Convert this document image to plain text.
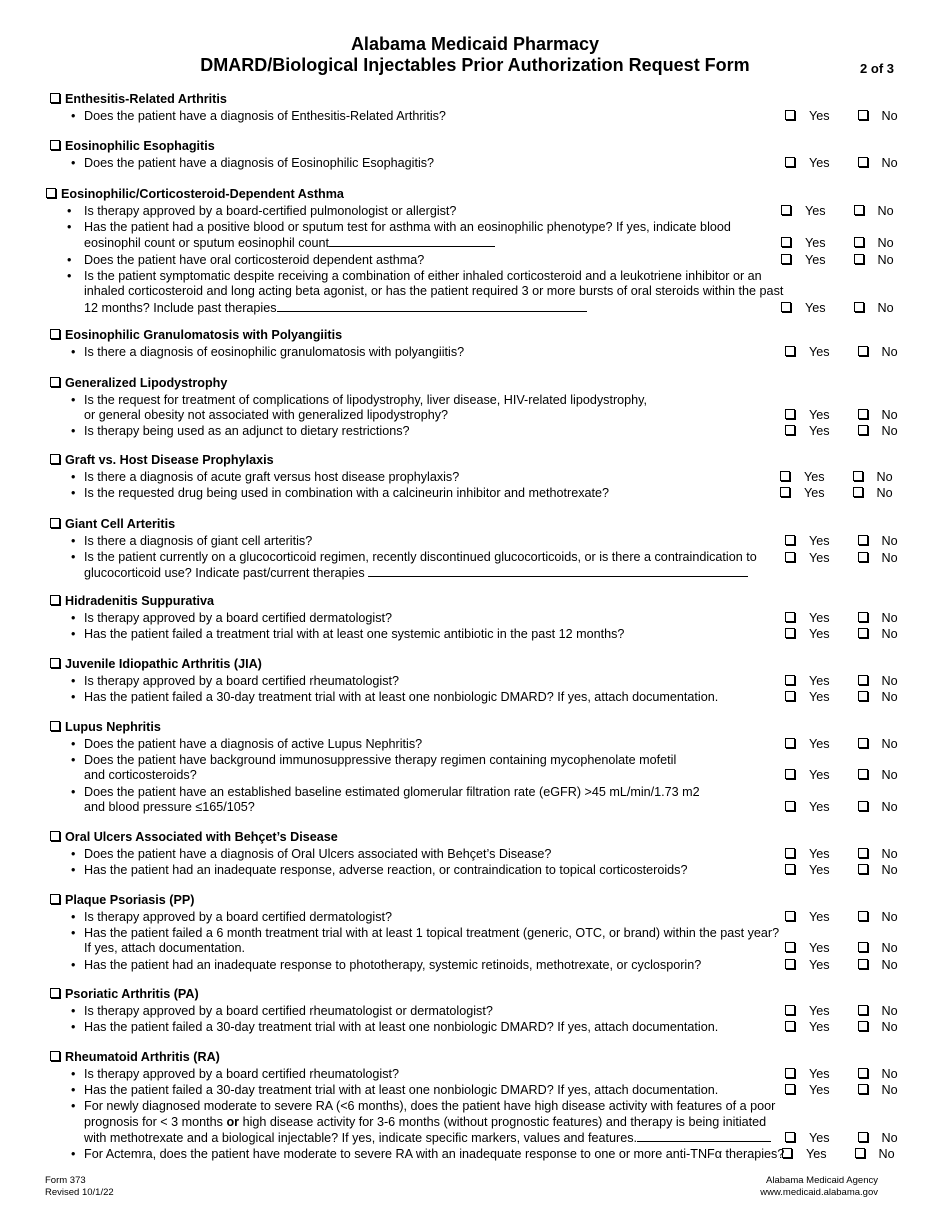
Alabama Medicaid Pharmacy
DMARD/Biological Injectables Prior Authorization Request Form	2 of 3
Enthesitis-Related Arthritis
• Does the patient have a diagnosis of Enthesitis-Related Arthritis?	Yes	No
Eosinophilic Esophagitis
• Does the patient have a diagnosis of Eosinophilic Esophagitis?	Yes	No
Eosinophilic/Corticosteroid-Dependent Asthma
• Is therapy approved by a board-certified pulmonologist or allergist?	Yes	No
• Has the patient had a positive blood or sputum test for asthma with an eosinophilic phenotype? If yes, indicate blood eosinophil count or sputum eosinophil count	Yes	No
• Does the patient have oral corticosteroid dependent asthma?	Yes	No
• Is the patient symptomatic despite receiving a combination of either inhaled corticosteroid and a leukotriene inhibitor or an inhaled corticosteroid and long acting beta agonist, or has the patient required 3 or more bursts of oral steroids within the past 12 months? Include past therapies	Yes	No
Eosinophilic Granulomatosis with Polyangiitis
• Is there a diagnosis of eosinophilic granulomatosis with polyangiitis?	Yes	No
Generalized Lipodystrophy
• Is the request for treatment of complications of lipodystrophy, liver disease, HIV-related lipodystrophy, or general obesity not associated with generalized lipodystrophy?	Yes	No
• Is therapy being used as an adjunct to dietary restrictions?	Yes	No
Graft vs. Host Disease Prophylaxis
• Is there a diagnosis of acute graft versus host disease prophylaxis?	Yes	No
• Is the requested drug being used in combination with a calcineurin inhibitor and methotrexate?	Yes	No
Giant Cell Arteritis
• Is there a diagnosis of giant cell arteritis?	Yes	No
• Is the patient currently on a glucocorticoid regimen, recently discontinued glucocorticoids, or is there a contraindication to glucocorticoid use? Indicate past/current therapies
Yes	No
Hidradenitis Suppurativa
• Is therapy approved by a board certified dermatologist?	Yes	No
• Has the patient failed a treatment trial with at least one systemic antibiotic in the past 12 months?	Yes	No
Juvenile Idiopathic Arthritis (JIA)
• Is therapy approved by a board certified rheumatologist?	Yes	No
• Has the patient failed a 30-day treatment trial with at least one nonbiologic DMARD? If yes, attach documentation.	Yes	No
Lupus Nephritis
• Does the patient have a diagnosis of active Lupus Nephritis?	Yes	No
• Does the patient have background immunosuppressive therapy regimen containing mycophenolate mofetil and corticosteroids?	Yes	No
• Does the patient have an established baseline estimated glomerular filtration rate (eGFR) >45 mL/min/1.73 m2 and blood pressure ≤165/105?	Yes	No
Oral Ulcers Associated with Behçet’s Disease
• Does the patient have a diagnosis of Oral Ulcers associated with Behçet’s Disease?	Yes	No
• Has the patient had an inadequate response, adverse reaction, or contraindication to topical corticosteroids?	Yes	No
Plaque Psoriasis (PP)
• Is therapy approved by a board certified dermatologist?	Yes	No
• Has the patient failed a 6 month treatment trial with at least 1 topical treatment (generic, OTC, or brand) within the past year? If yes, attach documentation.	Yes	No
• Has the patient had an inadequate response to phototherapy, systemic retinoids, methotrexate, or cyclosporin?	Yes	No
Psoriatic Arthritis (PA)
• Is therapy approved by a board certified rheumatologist or dermatologist?	Yes	No
• Has the patient failed a 30-day treatment trial with at least one nonbiologic DMARD? If yes, attach documentation.	Yes	No
Rheumatoid Arthritis (RA)
• Is therapy approved by a board certified rheumatologist?	Yes	No
• Has the patient failed a 30-day treatment trial with at least one nonbiologic DMARD? If yes, attach documentation.	Yes	No
• For newly diagnosed moderate to severe RA (<6 months), does the patient have high disease activity with features of a poor prognosis for < 3 months or high disease activity for 3-6 months (without prognostic features) and therapy is being initiated with methotrexate and a biological injectable? If yes, indicate specific markers, values and features.	Yes	No
• For Actemra, does the patient have moderate to severe RA with an inadequate response to one or more anti-TNFα therapies?	Yes	No
Form 373
Revised 10/1/22
Alabama Medicaid Agency
www.medicaid.alabama.gov
